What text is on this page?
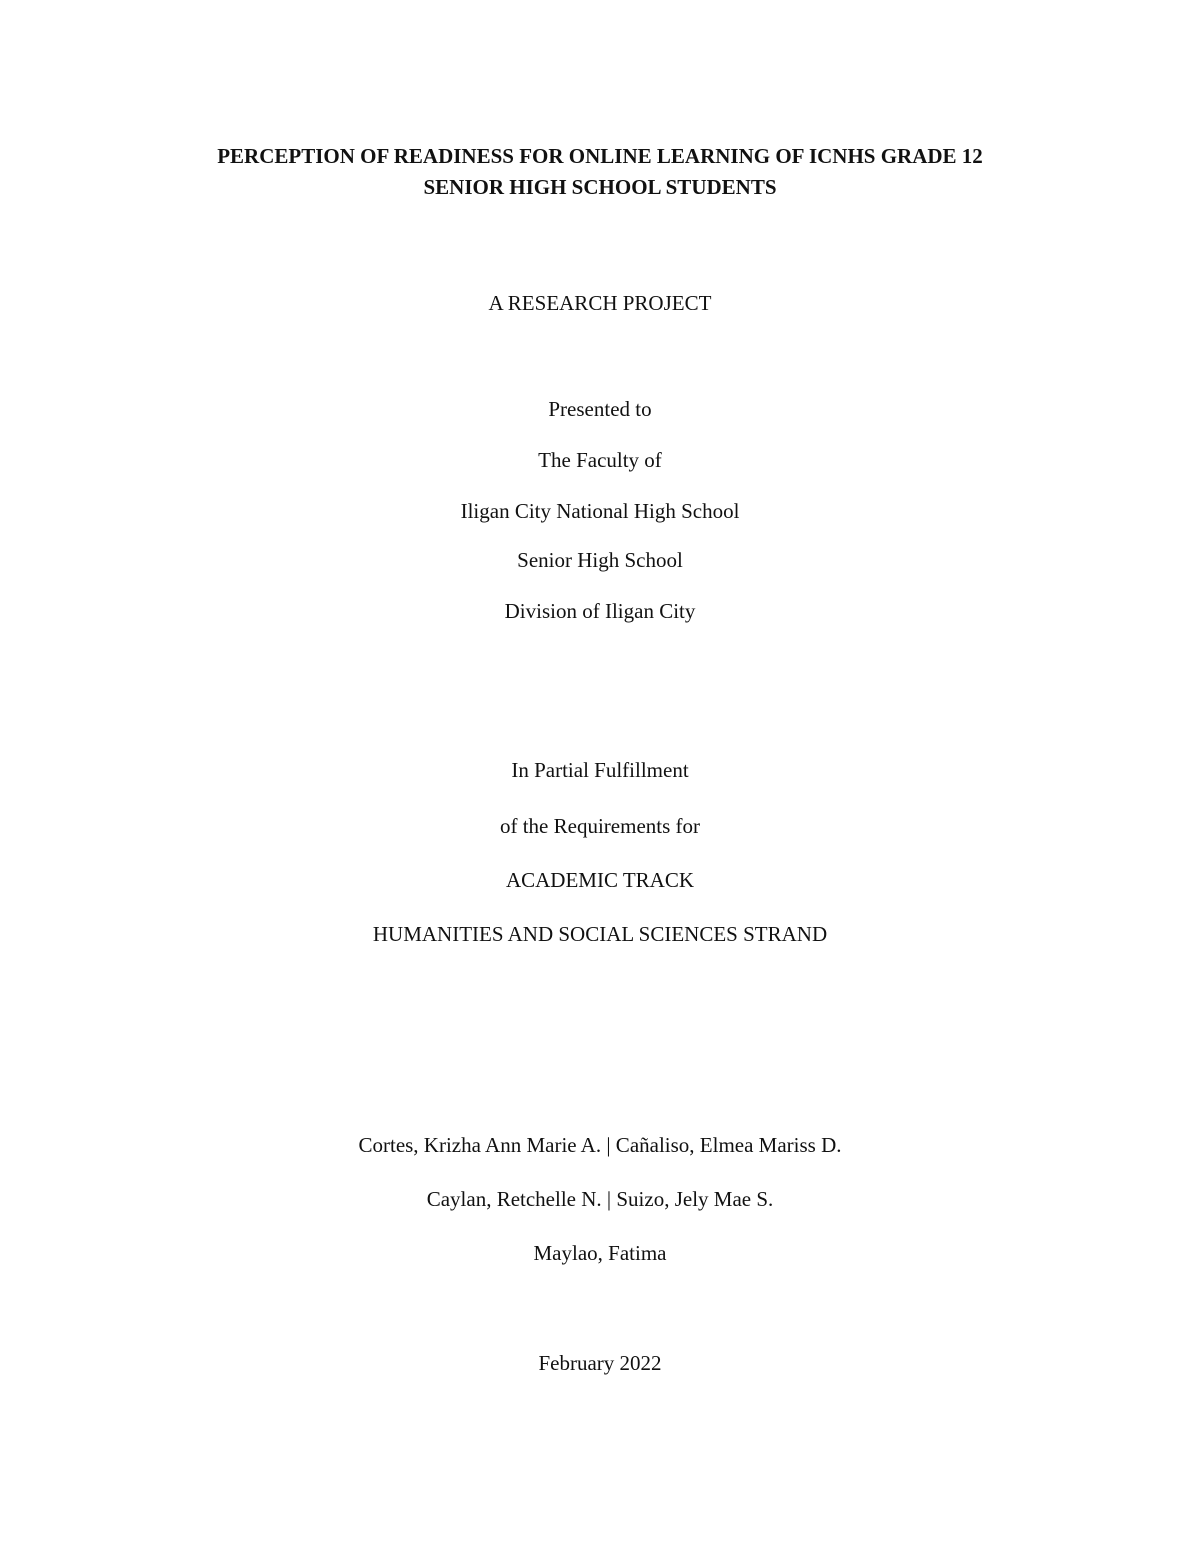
PERCEPTION OF READINESS FOR ONLINE LEARNING OF ICNHS GRADE 12
SENIOR HIGH SCHOOL STUDENTS
A RESEARCH PROJECT
Presented to
The Faculty of
Iligan City National High School
Senior High School
Division of Iligan City
In Partial Fulfillment
of the Requirements for
ACADEMIC TRACK
HUMANITIES AND SOCIAL SCIENCES STRAND
Cortes, Krizha Ann Marie A. | Cañaliso, Elmea Mariss D.
Caylan, Retchelle N. | Suizo, Jely Mae S.
Maylao, Fatima
February 2022
